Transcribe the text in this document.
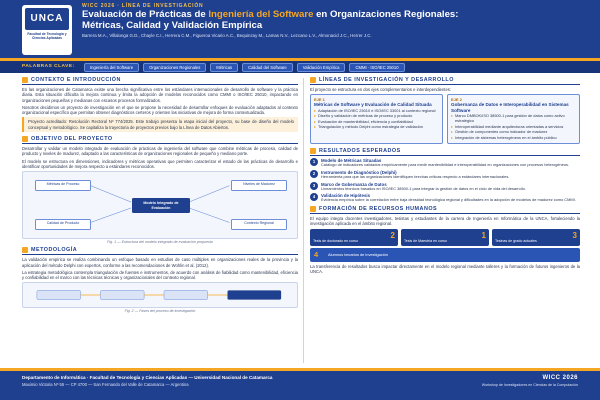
UNCA
Facultad de Tecnología y Ciencias Aplicadas
WICC 2026 · LÍNEA DE INVESTIGACIÓN
Evaluación de Prácticas de Ingeniería del Software en Organizaciones Regionales:
Métricas, Calidad y Validación Empírica
Barrera M.A., Villalonga G.D., Chayle C.I., Herrera C.M., Figueroa Vicario A.C., Bequinzay M., Lamas N.V., Lezcano L.V., Almonacid J.C., Herrer J.C.
PALABRAS CLAVE:	Ingeniería del Software	Organizaciones Regionales	Métricas	Calidad del Software	Validación Empírica	CMMI · ISO/IEC 25010
CONTEXTO E INTRODUCCIÓN

En las organizaciones de Catamarca existe una brecha significativa entre los estándares internacionales de desarrollo de software y la práctica diaria. Esta situación dificulta la mejora continua y limita la adopción de modelos reconocidos como CMMI o ISO/IEC 25010, impactando en organizaciones pequeñas y medianas con escasos procesos formalizados.

Nosotros decidimos un proyecto de investigación en el que se propone la necesidad de desarrollar enfoques de evaluación adaptados al contexto organizacional específico que permitan obtener diagnósticos certeros y orienten las iniciativas de mejora de forma contextualizada.

Proyecto acreditado: Resolución Rectoral Nº 774/2025. Este trabajo presenta la etapa inicial del proyecto, su base de diseño del modelo conceptual y metodológico. Se capitaliza la trayectoria de proyectos previos bajo la LÍnea de Datos Abiertos.

OBJETIVO DEL PROYECTO

Desarrollar y validar un modelo integrado de evaluación de prácticas de ingeniería del software que combine métricas de proceso, calidad de producto y niveles de madurez, adaptado a las características de organizaciones regionales de pequeño y mediano porte.

El modelo se estructura en dimensiones, indicadores y métricas operativas que permiten caracterizar el estado de las prácticas de desarrollo e identificar oportunidades de mejora respecto a estándares reconocidos.

Métricas de Proceso
Calidad de Producto
Modelo Integrado de Evaluación
Niveles de Madurez
Contexto Regional
Fig. 1 — Estructura del modelo integrado de evaluación propuesto
METODOLOGÍA

La validación empírica se realiza combinando un enfoque basado en estudios de caso múltiples en organizaciones reales de la provincia y la aplicación del método Delphi con expertos, conforme a las recomendaciones de Wohlin et al. (2012).

La estrategia metodológica contempla triangulación de fuentes e instrumentos, de acuerdo con análisis de fiabilidad como mantenibilidad, eficiencia y confiabilidad en el marco con las técnicas técnicas y organizacionales del contexto regional.

Fig. 2 — Fases del proceso de investigación
LÍNEAS DE INVESTIGACIÓN Y DESARROLLO

El proyecto se estructura en dos ejes complementarios e interdependientes:

EJE 1
Métricas de Software y Evaluación de Calidad Situada
▸ Adaptación de ISO/IEC 25010 e ISO/IEC 33001 al contexto regional
▸ Diseño y validación de métricas de proceso y producto
▸ Evaluación de mantenibilidad, eficiencia y confiabilidad
▸ Triangulación y método Delphi como estrategia de validación
EJE 2
Gobernanza de Datos e Interoperabilidad en Sistemas Software
▸ Marco DMBOK/ISO 38500-1 para gestión de datos como activo estratégico
▸ Interoperabilidad mediante arquitecturas orientadas a servicios
▸ Gestión de componentes como indicador de madurez
▸ Integración de sistemas heterogéneos en el ámbito público
RESULTADOS ESPERADOS
1	Modelo de Métricas Situadas
Catálogo de indicadores validados empíricamente para medir mantenibilidad e interoperabilidad en organizaciones con procesos heterogéneos.
2	Instrumento de Diagnóstico (Delphi)
Herramienta para que las organizaciones identifiquen brechas críticas respecto a estándares internacionales.
3	Marco de Gobernanza de Datos
Lineamientos técnicos basados en ISO/IEC 38500-1 para integrar la gestión de datos en el ciclo de vida del desarrollo.
4	Validación de Hipótesis
Evidencia empírica sobre la correlación entre baja densidad tecnológica regional y dificultades en la adopción de modelos de madurez como CMMI.
FORMACIÓN DE RECURSOS HUMANOS

El equipo integra docentes investigadores, tesistas y estudiantes de la carrera de Ingeniería en Informática de la UNCA, fortaleciendo la investigación aplicada en el ámbito regional.

2
Tesis de doctorado en curso
1
Tesis de Maestría en curso
3
Tesinas de grado actuales
4	Alumnos becarios de investigación

La transferencia de resultados busca impactar directamente en el modelo regional mediante talleres y la formación de futuros ingenieros de la UNCA.

Departamento de Informática · Facultad de Tecnología y Ciencias Aplicadas — Universidad Nacional de Catamarca
Maximio Victoria Nº 55 — CP 4700 — San Fernando del Valle de Catamarca — Argentina
WICC 2026
Workshop de Investigadores en Ciencias de la Computación
